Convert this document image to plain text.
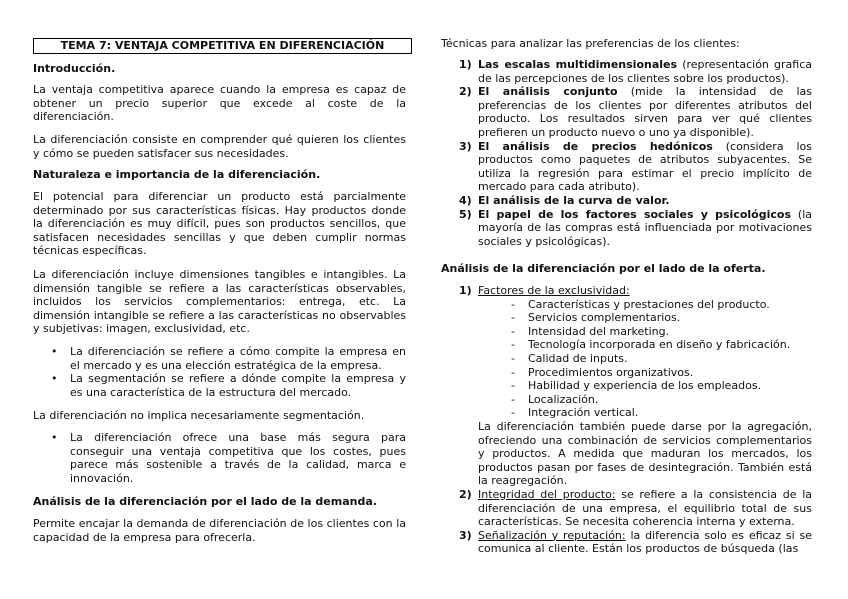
TEMA 7: VENTAJA COMPETITIVA EN DIFERENCIACIÓN

Introducción.

La ventaja competitiva aparece cuando la empresa es capaz de obtener un precio superior que excede al coste de la diferenciación.

La diferenciación consiste en comprender qué quieren los clientes y cómo se pueden satisfacer sus necesidades.

Naturaleza e importancia de la diferenciación.

El potencial para diferenciar un producto está parcialmente determinado por sus características físicas. Hay productos donde la diferenciación es muy difícil, pues son productos sencillos, que satisfacen necesidades sencillas y que deben cumplir normas técnicas específicas.

La diferenciación incluye dimensiones tangibles e intangibles. La dimensión tangible se refiere a las características observables, incluidos los servicios complementarios: entrega, etc. La dimensión intangible se refiere a las características no observables y subjetivas: imagen, exclusividad, etc.

• La diferenciación se refiere a cómo compite la empresa en el mercado y es una elección estratégica de la empresa.
• La segmentación se refiere a dónde compite la empresa y es una característica de la estructura del mercado.

La diferenciación no implica necesariamente segmentación.

• La diferenciación ofrece una base más segura para conseguir una ventaja competitiva que los costes, pues parece más sostenible a través de la calidad, marca e innovación.

Análisis de la diferenciación por el lado de la demanda.

Permite encajar la demanda de diferenciación de los clientes con la capacidad de la empresa para ofrecerla.

Técnicas para analizar las preferencias de los clientes:

1) Las escalas multidimensionales (representación grafica de las percepciones de los clientes sobre los productos).
2) El análisis conjunto (mide la intensidad de las preferencias de los clientes por diferentes atributos del producto. Los resultados sirven para ver qué clientes prefieren un producto nuevo o uno ya disponible).
3) El análisis de precios hedónicos (considera los productos como paquetes de atributos subyacentes. Se utiliza la regresión para estimar el precio implícito de mercado para cada atributo).
4) El análisis de la curva de valor.
5) El papel de los factores sociales y psicológicos (la mayoría de las compras está influenciada por motivaciones sociales y psicológicas).

Análisis de la diferenciación por el lado de la oferta.

1) Factores de la exclusividad:
- Características y prestaciones del producto.
- Servicios complementarios.
- Intensidad del marketing.
- Tecnología incorporada en diseño y fabricación.
- Calidad de inputs.
- Procedimientos organizativos.
- Habilidad y experiencia de los empleados.
- Localización.
- Integración vertical.
La diferenciación también puede darse por la agregación, ofreciendo una combinación de servicios complementarios y productos. A medida que maduran los mercados, los productos pasan por fases de desintegración. También está la reagregación.
2) Integridad del producto: se refiere a la consistencia de la diferenciación de una empresa, el equilibrio total de sus características. Se necesita coherencia interna y externa.
3) Señalización y reputación: la diferencia solo es eficaz si se comunica al cliente. Están los productos de búsqueda (las
